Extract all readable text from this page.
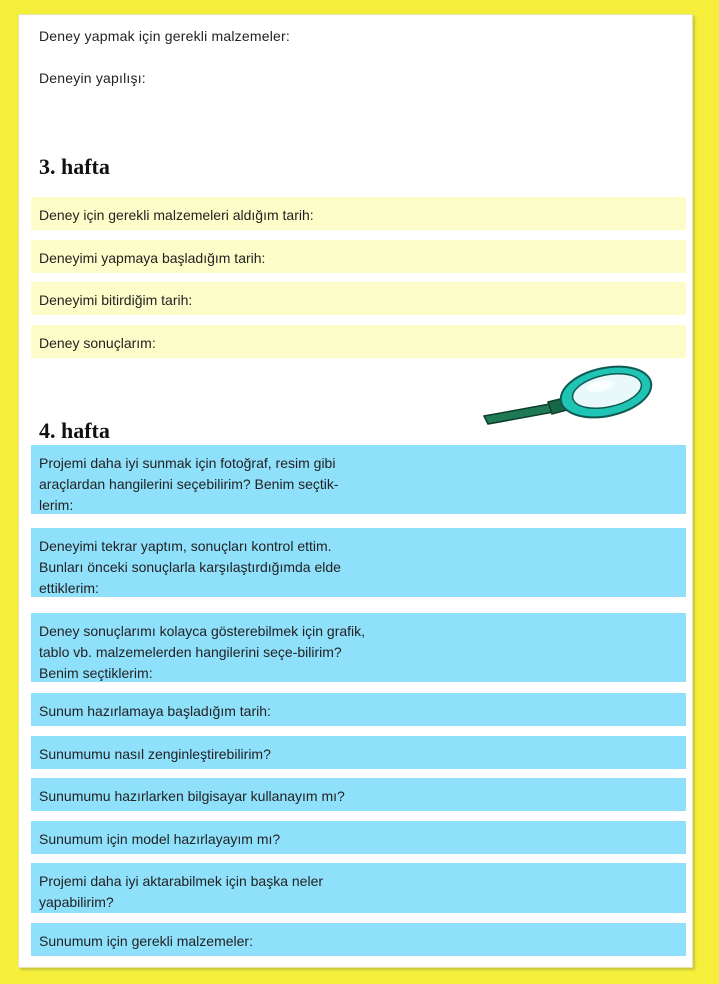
Deney yapmak için gerekli malzemeler:
Deneyin yapılışı:
3. hafta
Deney için gerekli malzemeleri aldığım tarih:
Deneyimi yapmaya başladığım tarih:
Deneyimi bitirdiğim tarih:
Deney sonuçlarım:
4. hafta
Projemi daha iyi sunmak için fotoğraf, resim gibi araçlardan hangilerini seçebilirim? Benim seçtik-lerim:
Deneyimi tekrar yaptım, sonuçları kontrol ettim. Bunları önceki sonuçlarla karşılaştırdığımda elde ettiklerim:
Deney sonuçlarımı kolayca gösterebilmek için grafik, tablo vb. malzemelerden hangilerini seçe-bilirim? Benim seçtiklerim:
Sunum hazırlamaya başladığım tarih:
Sunumumu nasıl zenginleştirebilirim?
Sunumumu hazırlarken bilgisayar kullanayım mı?
Sunumum için model hazırlayayım mı?
Projemi daha iyi aktarabilmek için başka neler yapabilirim?
Sunumum için gerekli malzemeler:
